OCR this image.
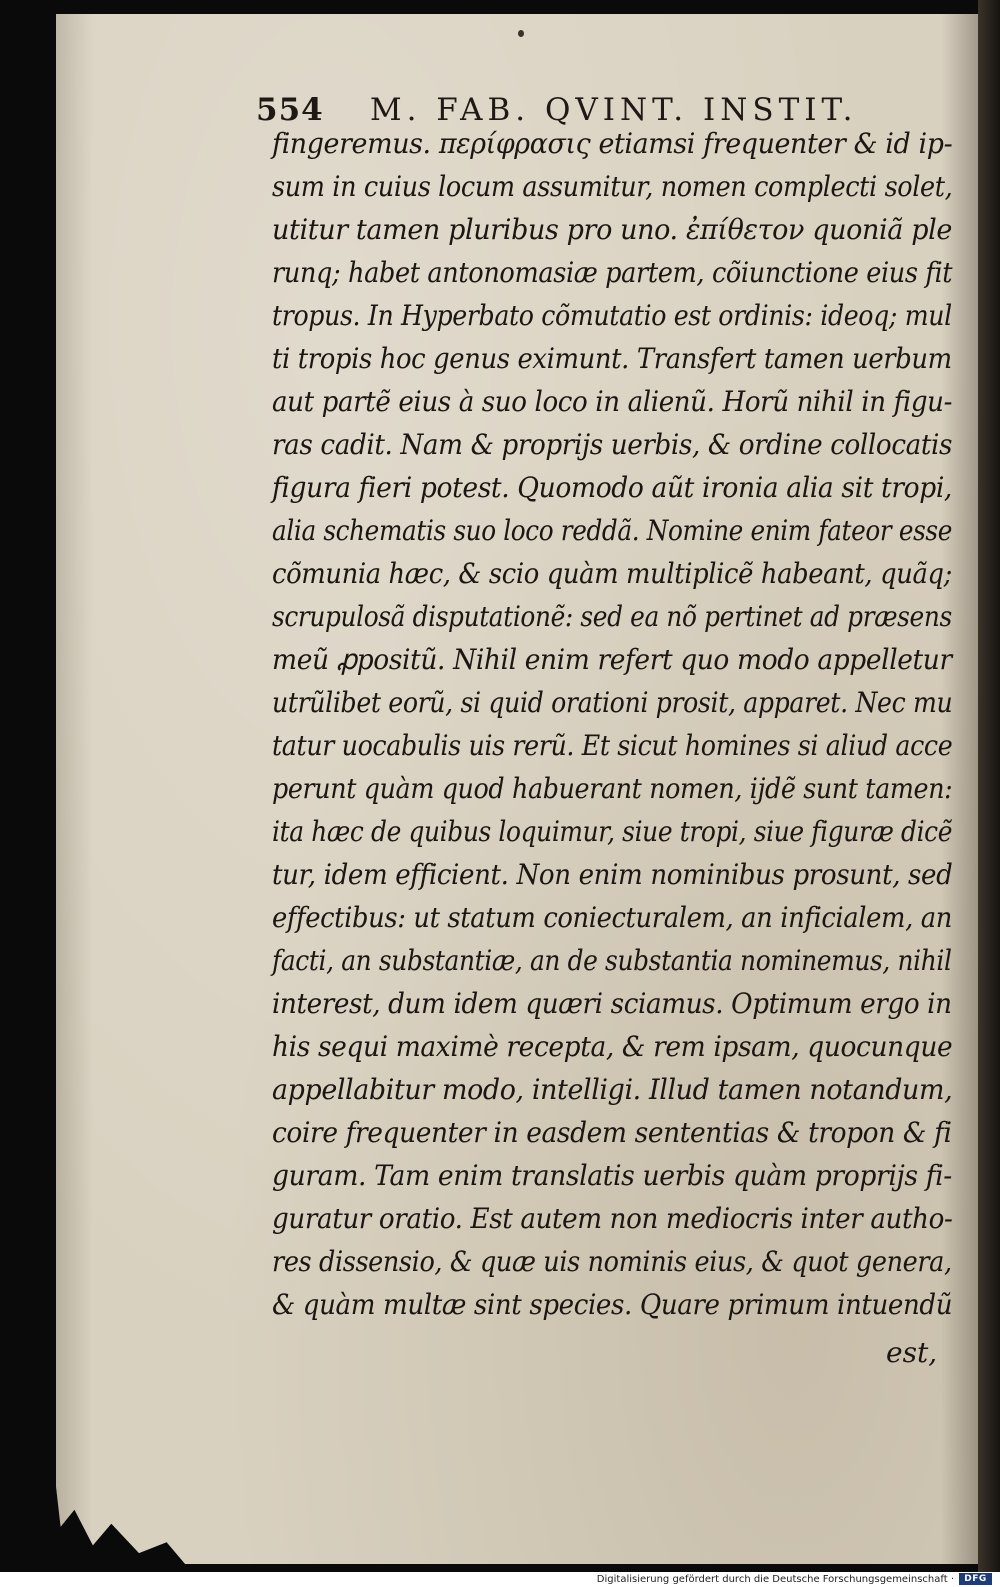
554 M. FAB. QVINT. INSTIT.
fingeremus. περίφρασις etiamsi frequenter & id ip-
sum in cuius locum assumitur, nomen complecti solet,
utitur tamen pluribus pro uno. ἐπίθετον quoniã ple
runq; habet antonomasiæ partem, cõiunctione eius fit
tropus. In Hyperbato cõmutatio est ordinis: ideoq; mul
ti tropis hoc genus eximunt. Transfert tamen uerbum
aut partẽ eius à suo loco in alienũ. Horũ nihil in figu-
ras cadit. Nam & proprijs uerbis, & ordine collocatis
figura fieri potest. Quomodo aũt ironia alia sit tropi,
alia schematis suo loco reddã. Nomine enim fateor esse
cõmunia hæc, & scio quàm multiplicẽ habeant, quãq;
scrupulosã disputationẽ: sed ea nõ pertinet ad præsens
meũ ꝓpositũ. Nihil enim refert quo modo appelletur
utrũlibet eorũ, si quid orationi prosit, apparet. Nec mu
tatur uocabulis uis rerũ. Et sicut homines si aliud acce
perunt quàm quod habuerant nomen, ijdẽ sunt tamen:
ita hæc de quibus loquimur, siue tropi, siue figuræ dicẽ
tur, idem efficient. Non enim nominibus prosunt, sed
effectibus: ut statum coniecturalem, an inficialem, an
facti, an substantiæ, an de substantia nominemus, nihil
interest, dum idem quæri sciamus. Optimum ergo in
his sequi maximè recepta, & rem ipsam, quocunque
appellabitur modo, intelligi. Illud tamen notandum,
coire frequenter in easdem sententias & tropon & fi
guram. Tam enim translatis uerbis quàm proprijs fi-
guratur oratio. Est autem non mediocris inter autho-
res dissensio, & quæ uis nominis eius, & quot genera,
& quàm multæ sint species. Quare primum intuendũ
est,
Digitalisierung gefördert durch die Deutsche Forschungsgemeinschaft ·	DFG
